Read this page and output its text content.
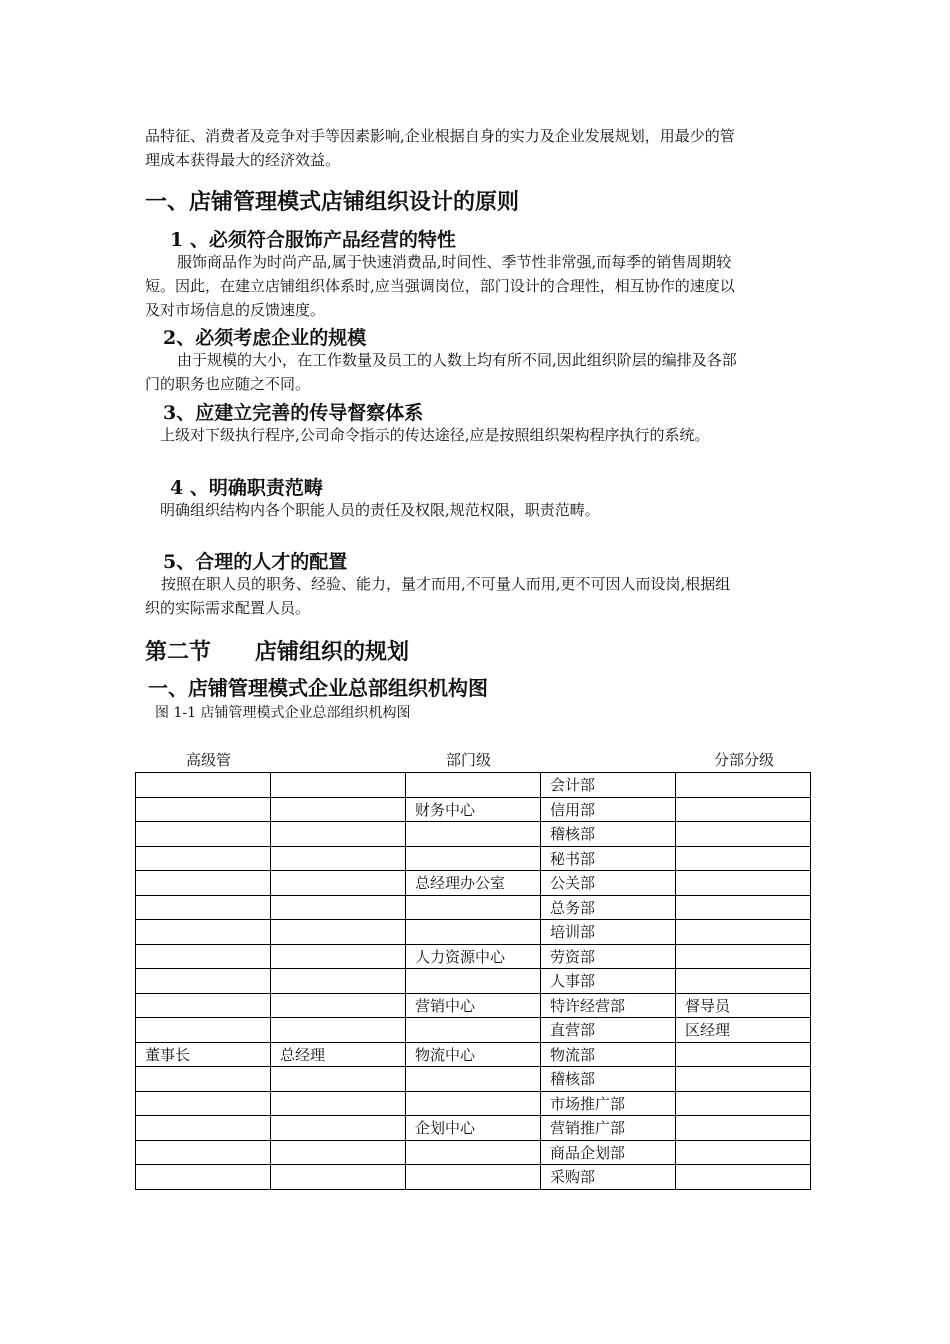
品特征、消费者及竞争对手等因素影响,企业根据自身的实力及企业发展规划，用最少的管
理成本获得最大的经济效益。

一、店铺管理模式店铺组织设计的原则
1 、必须符合服饰产品经营的特性

服饰商品作为时尚产品,属于快速消费品,时间性、季节性非常强,而每季的销售周期较
短。因此，在建立店铺组织体系时,应当强调岗位，部门设计的合理性，相互协作的速度以
及对市场信息的反馈速度。

2、必须考虑企业的规模

由于规模的大小，在工作数量及员工的人数上均有所不同,因此组织阶层的编排及各部
门的职务也应随之不同。

3、应建立完善的传导督察体系

上级对下级执行程序,公司命令指示的传达途径,应是按照组织架构程序执行的系统。

4 、明确职责范畴

明确组织结构内各个职能人员的责任及权限,规范权限，职责范畴。

5、合理的人才的配置

按照在职人员的职务、经验、能力，量才而用,不可量人而用,更不可因人而设岗,根据组
织的实际需求配置人员。

第二节　　店铺组织的规划
一、店铺管理模式企业总部组织机构图

图 1-1 店铺管理模式企业总部组织机构图

高级管	部门级	分部分级
			会计部	
		财务中心	信用部	
			稽核部	
			秘书部	
		总经理办公室	公关部	
			总务部	
			培训部	
		人力资源中心	劳资部	
			人事部	
		营销中心	特许经营部	督导员
			直营部	区经理
董事长	总经理	物流中心	物流部	
			稽核部	
			市场推广部	
		企划中心	营销推广部	
			商品企划部	
			采购部	
